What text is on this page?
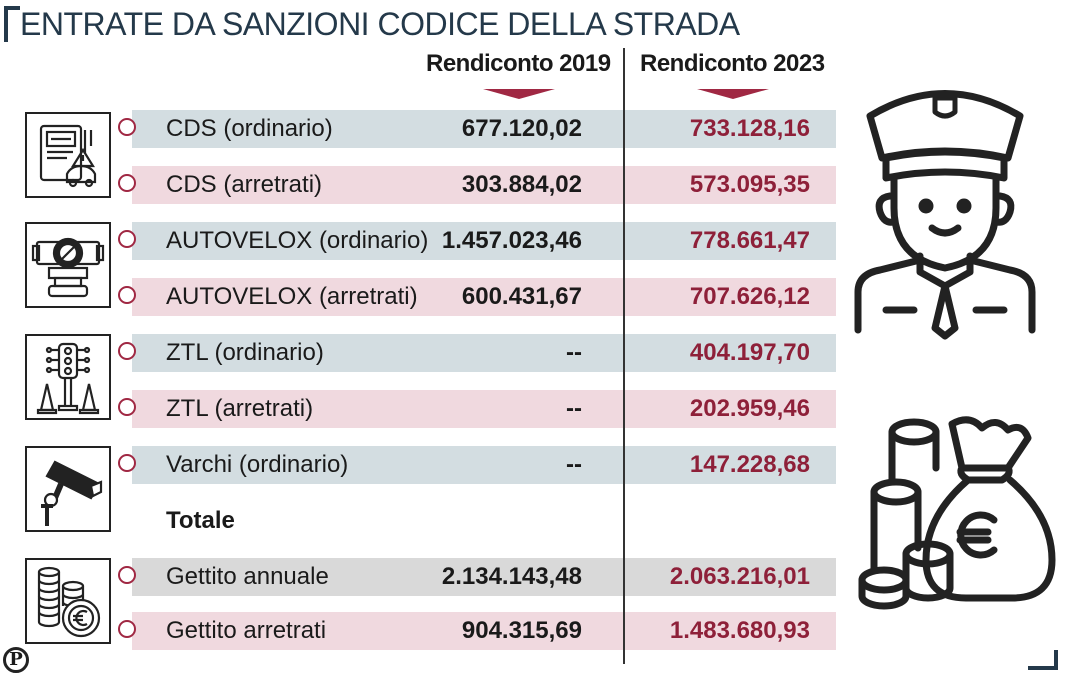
ENTRATE DA SANZIONI CODICE DELLA STRADA
Rendiconto 2019 Rendiconto 2023
CDS (ordinario)	677.120,02	733.128,16
CDS (arretrati)	303.884,02	573.095,35
AUTOVELOX (ordinario) 1.457.023,46	778.661,47
AUTOVELOX (arretrati) 600.431,67	707.626,12
ZTL (ordinario)	--	404.197,70
ZTL (arretrati)	--	202.959,46
Varchi (ordinario)	--	147.228,68
Totale
Gettito annuale	2.134.143,48	2.063.216,01
Gettito arretrati	904.315,69	1.483.680,93
P
